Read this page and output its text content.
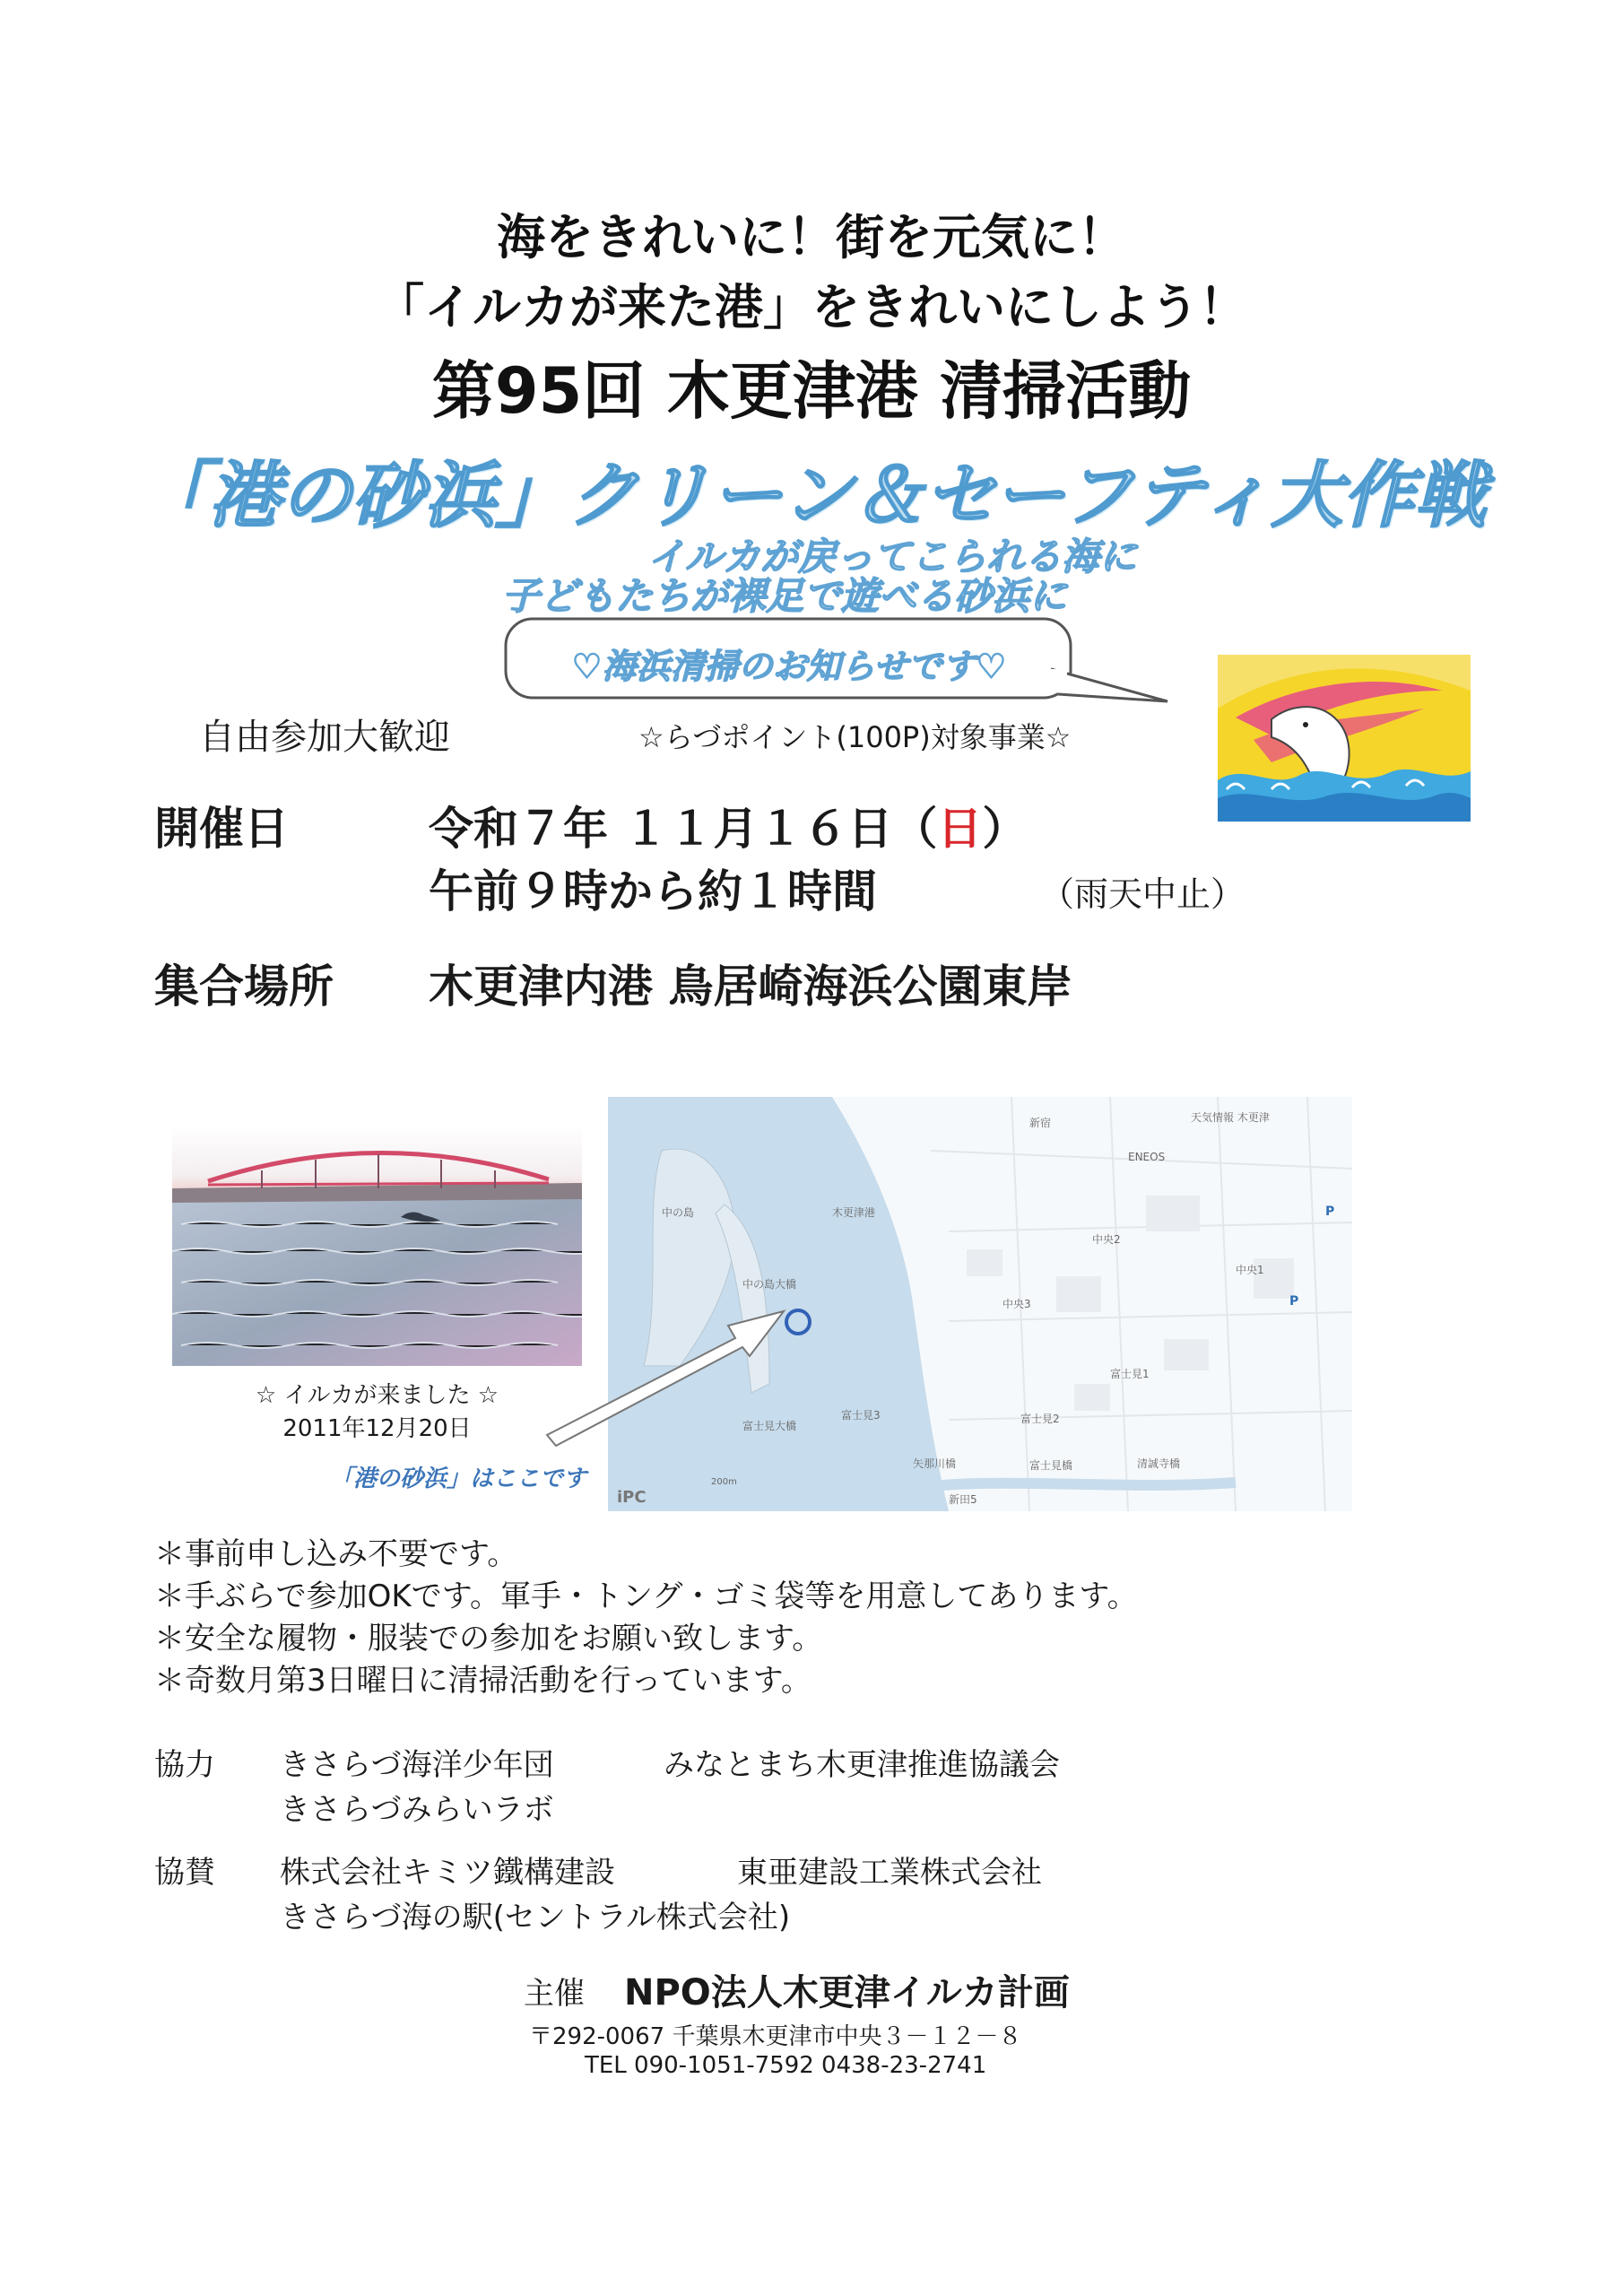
海をきれいに！街を元気に！
「イルカが来た港」をきれいにしよう！
第95回 木更津港 清掃活動
「港の砂浜」クリーン＆セーフティ大作戦
イルカが戻ってこられる海に
子どもたちが裸足で遊べる砂浜に
♡海浜清掃のお知らせです♡
自由参加大歓迎	☆らづポイント(100P)対象事業☆
開催日	令和７年 １１月１６日（日）
午前９時から約１時間	（雨天中止）
集合場所 木更津内港 鳥居崎海浜公園東岸
☆ イルカが来ました ☆
2011年12月20日
新宿	天気情報 木更津
ENEOS
中の島	木更津港
中央2
中央1
中央3
富士見1
富士見2
富士見3
富士見大橋
矢那川橋	富士見橋	清誠寺橋
新田5
中の島大橋
200m
iPC
P
P
「港の砂浜」はここです
＊事前申し込み不要です。
＊手ぶらで参加OKです。軍手・トング・ゴミ袋等を用意してあります。
＊安全な履物・服装での参加をお願い致します。
＊奇数月第3日曜日に清掃活動を行っています。
協力 きさらづ海洋少年団	みなとまち木更津推進協議会
きさらづみらいラボ
協賛 株式会社キミツ鐵構建設	東亜建設工業株式会社
きさらづ海の駅(セントラル株式会社)
主催 NPO法人木更津イルカ計画
〒292-0067 千葉県木更津市中央３－１２－８
TEL 090-1051-7592 0438-23-2741
